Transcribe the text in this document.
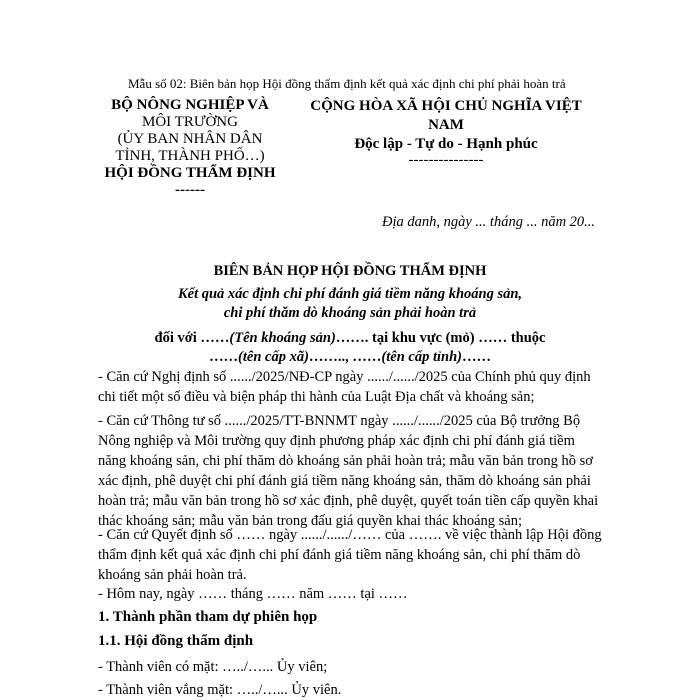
Mẫu số 02: Biên bản họp Hội đồng thẩm định kết quả xác định chi phí phải hoàn trả
BỘ NÔNG NGHIỆP VÀ
MÔI TRƯỜNG
(ỦY BAN NHÂN DÂN
TỈNH, THÀNH PHỐ…)
HỘI ĐỒNG THẨM ĐỊNH
------
CỘNG HÒA XÃ HỘI CHỦ NGHĨA VIỆT
NAM
Độc lập - Tự do - Hạnh phúc
---------------
Địa danh, ngày ... tháng ... năm 20...
BIÊN BẢN HỌP HỘI ĐỒNG THẨM ĐỊNH
Kết quả xác định chi phí đánh giá tiềm năng khoáng sản,
chi phí thăm dò khoáng sản phải hoàn trả
đối với ……(Tên khoáng sản)……. tại khu vực (mỏ) …… thuộc
……(tên cấp xã)…….., ……(tên cấp tỉnh)……
- Căn cứ Nghị định số ....../2025/NĐ-CP ngày ....../....../2025 của Chính phủ quy định
chi tiết một số điều và biện pháp thi hành của Luật Địa chất và khoáng sản;
- Căn cứ Thông tư số ....../2025/TT-BNNMT ngày ....../....../2025 của Bộ trưởng Bộ
Nông nghiệp và Môi trường quy định phương pháp xác định chi phí đánh giá tiềm
năng khoáng sản, chi phí thăm dò khoáng sản phải hoàn trả; mẫu văn bản trong hồ sơ
xác định, phê duyệt chi phí đánh giá tiềm năng khoáng sản, thăm dò khoáng sản phải
hoàn trả; mẫu văn bản trong hồ sơ xác định, phê duyệt, quyết toán tiền cấp quyền khai
thác khoáng sản; mẫu văn bản trong đấu giá quyền khai thác khoáng sản;
- Căn cứ Quyết định số …… ngày ....../....../…… của ……. về việc thành lập Hội đồng
thẩm định kết quả xác định chi phí đánh giá tiềm năng khoáng sản, chi phí thăm dò
khoáng sản phải hoàn trả.
- Hôm nay, ngày …… tháng …… năm …… tại ……
1. Thành phần tham dự phiên họp
1.1. Hội đồng thẩm định
- Thành viên có mặt: …../…... Ủy viên;
- Thành viên vắng mặt: …../…... Ủy viên.
